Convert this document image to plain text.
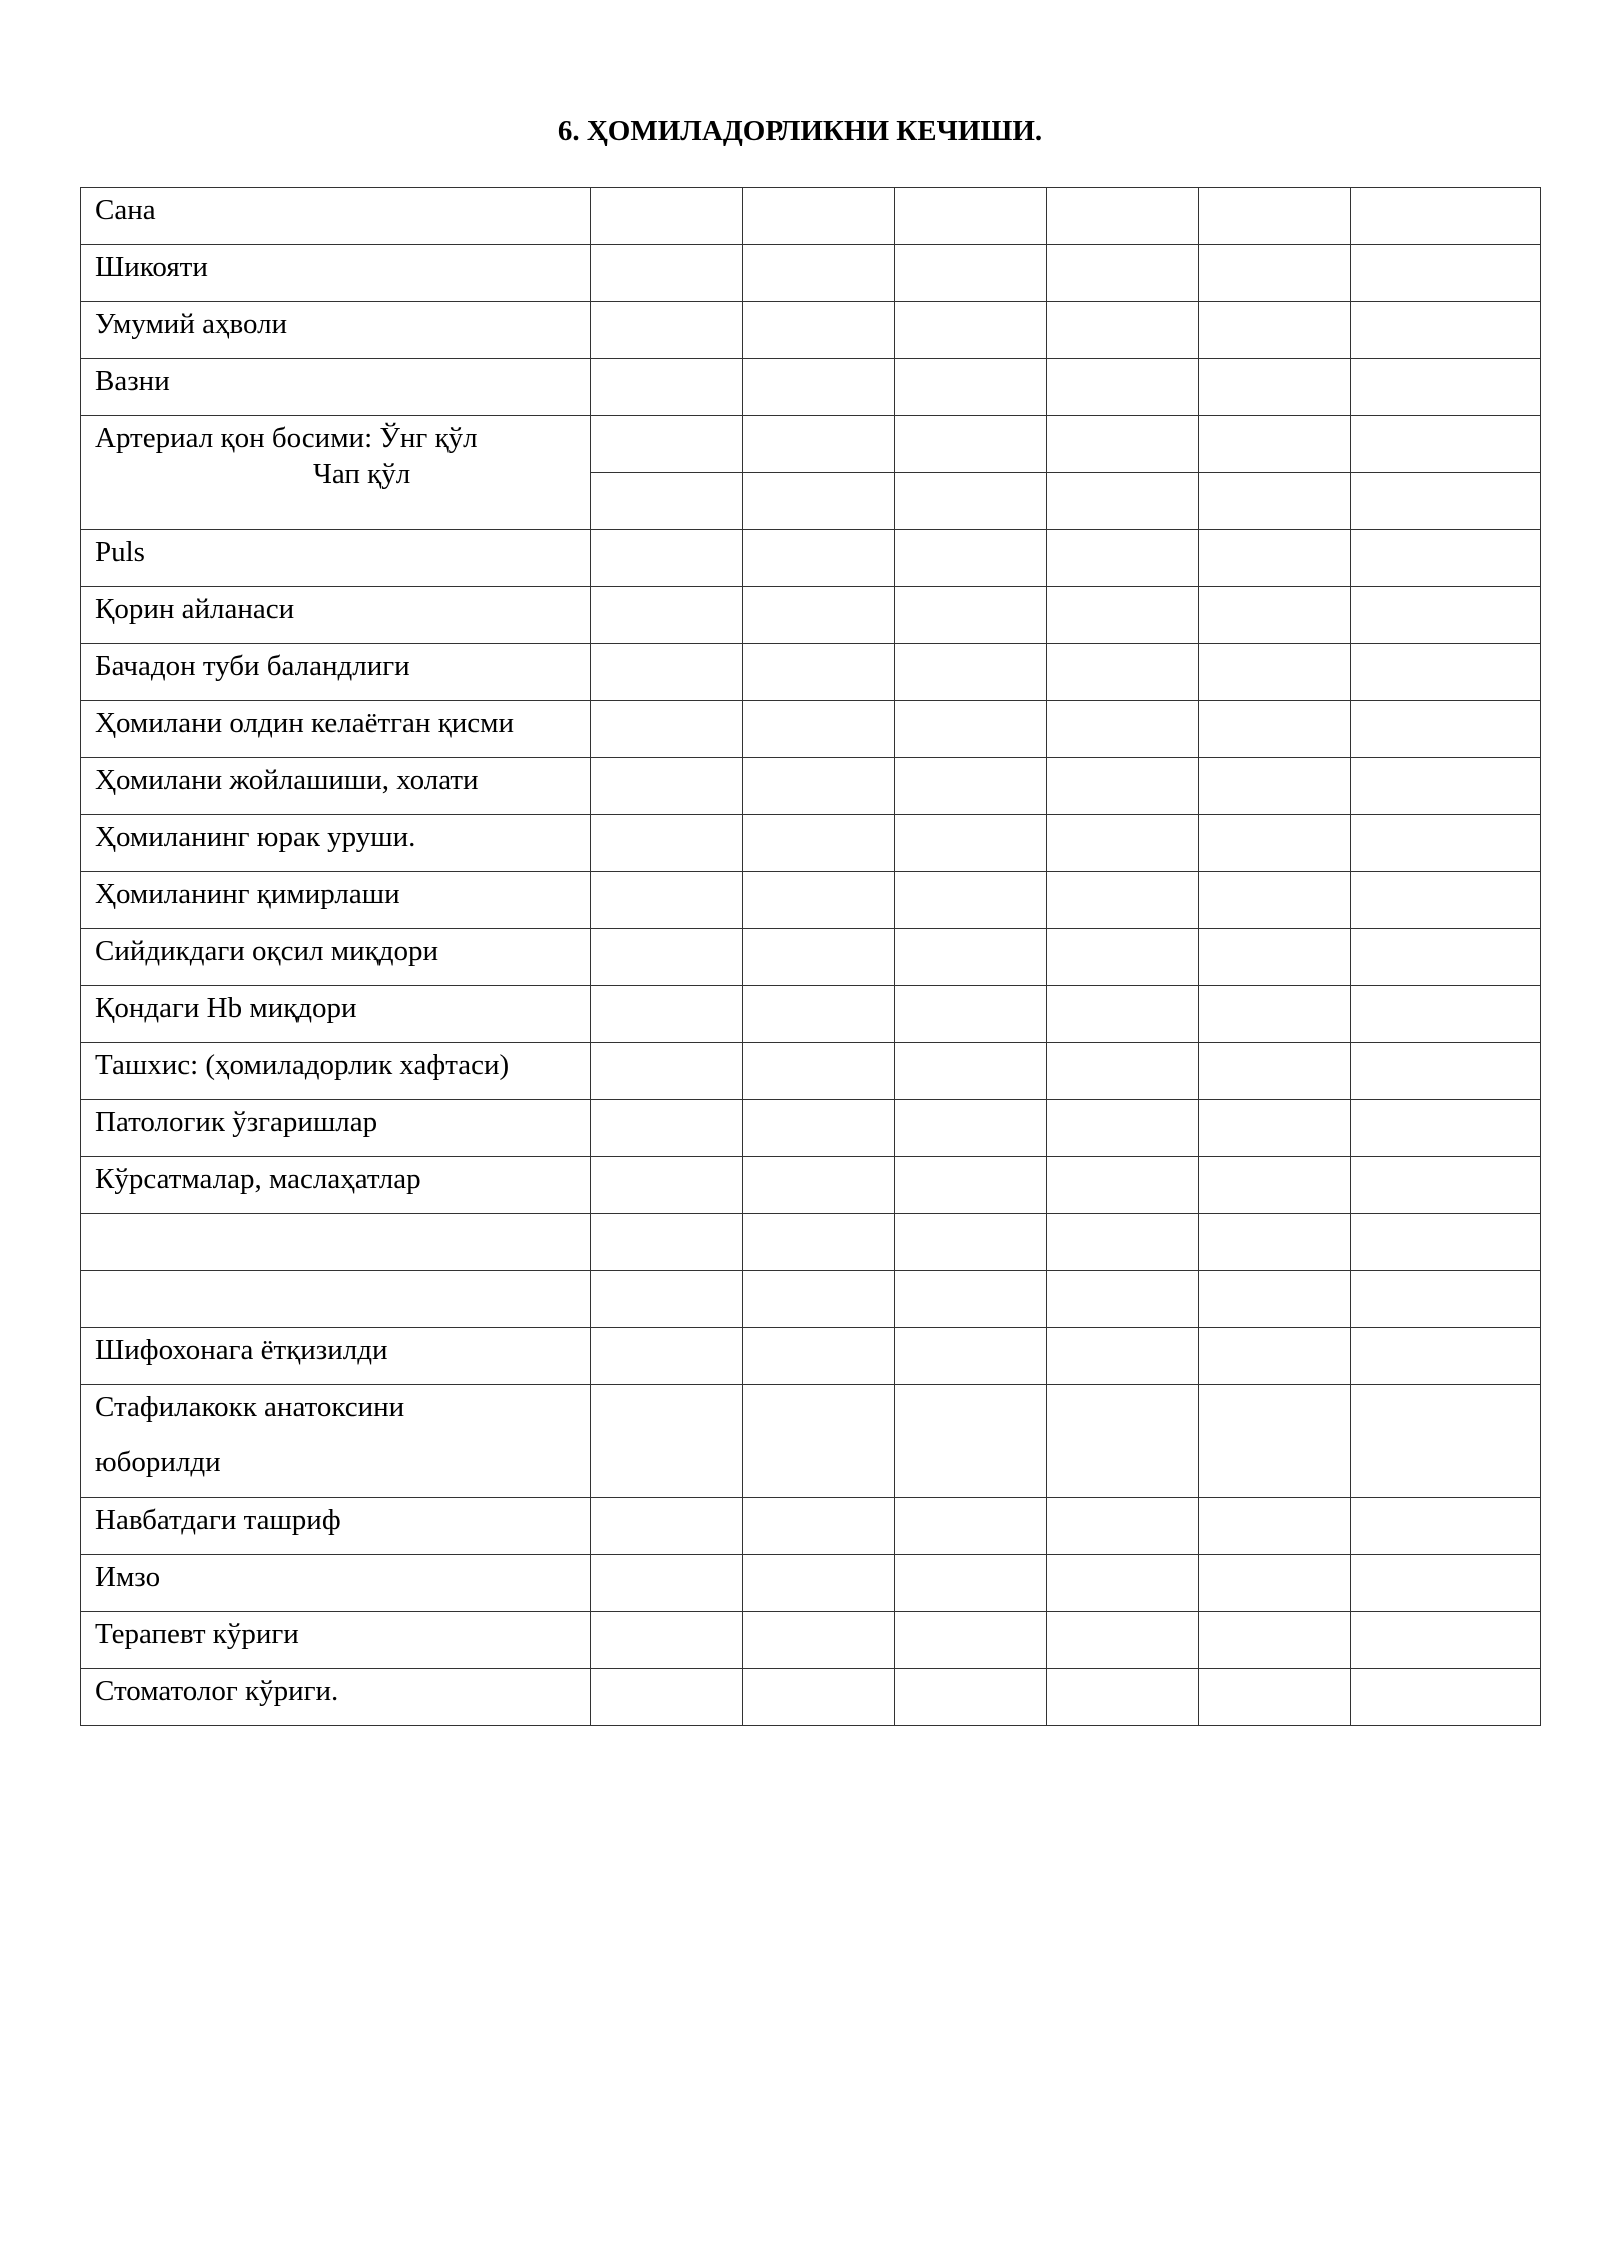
6. ҲОМИЛАДОРЛИКНИ КЕЧИШИ.
Сана						
Шикояти						
Умумий аҳволи						
Вазни						

Артериал қон босими: Ўнг қўл
Чап қўл						

Puls						
Қорин айланаси						
Бачадон туби баландлиги						
Ҳомилани олдин келаётган қисми						
Ҳомилани жойлашиши, холати						
Ҳомиланинг юрак уруши.						
Ҳомиланинг қимирлаши						
Сийдикдаги оқсил миқдори						
Қондаги Hb миқдори						
Ташхис: (ҳомиладорлик хафтаси)						
Патологик ўзгаришлар						
Кўрсатмалар, маслаҳатлар						

Шифохонага ётқизилди						

Стафилакокк анатоксини
юборилди						

Навбатдаги ташриф						
Имзо						
Терапевт кўриги						
Стоматолог кўриги.						
